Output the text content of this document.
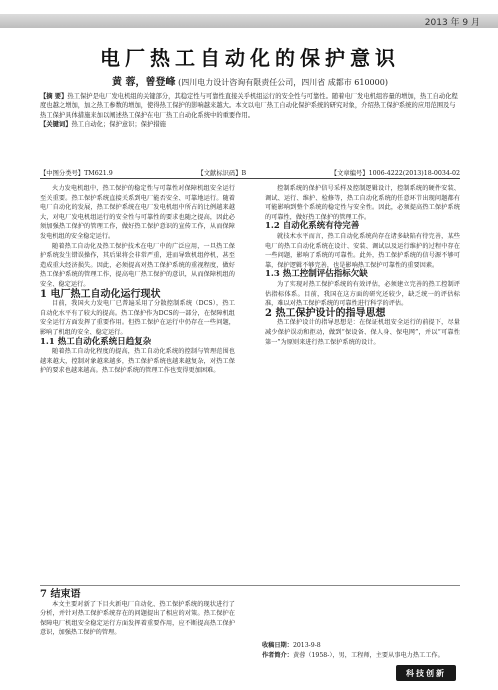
2013 年 9 月
电厂热工自动化的保护意识
黄 蓉，曾登峰 (四川电力设计咨询有限责任公司，四川省 成都市 610000)
【摘 要】热工保护是电厂发电机组的关键部分，其稳定性与可靠性直接关乎机组运行的安全性与可靠性。随着电厂发电机组容量的增加，热工自动化程度也越之增加，加之热工参数的增加，使得热工保护的影响越来越大。本文以电厂热工自动化保护系统的研究对象，介绍热工保护系统的应用范围及与热工保护具体措施来加以阐述热工保护在电厂热工自动化系统中的重要作用。
【关键词】热工自动化；保护意识；保护措施
【中图分类号】TM621.9	【文献标识码】B	【文章编号】1006-4222(2013)18-0034-02

火力发电机组中，热工保护的稳定性与可靠性对保障机组安全运行至关重要。热工保护系统直接关系到电厂能否安全、可靠地运行。随着电厂自动化的发展，热工保护系统在电厂发电机组中所占的比例越来越大，对电厂发电机组运行的安全性与可靠性的要求也随之提高，因此必须加强热工保护的管理工作，做好热工保护意识的宣传工作，从而保障发电机组的安全稳定运行。

随着热工自动化及热工保护技术在电厂中的广泛应用，一旦热工保护系统发生错误操作，其后果将会非常严重，进而导致机组停机，甚至造成重大经济损失。因此，必须提高对热工保护系统的重视程度，做好热工保护系统的管理工作，提高电厂热工保护的意识，从而保障机组的安全、稳定运行。

1 电厂热工自动化运行现状

目前，我国火力发电厂已普遍采用了分散控制系统（DCS），热工自动化水平有了较大的提高。热工保护作为DCS的一部分，在保障机组安全运行方面发挥了重要作用。但热工保护在运行中仍存在一些问题，影响了机组的安全、稳定运行。

1.1 热工自动化系统日趋复杂

随着热工自动化程度的提高，热工自动化系统的控制与管理范围也越来越大，控制对象越来越多，热工保护系统也越来越复杂，对热工保护的要求也越来越高。热工保护系统的管理工作也变得更加困难。

控制系统的保护信号采样及控制逻辑设计，控制系统的硬件安装、调试、运行、维护、检修等，热工自动化系统的任意环节出现问题都有可能影响到整个系统的稳定性与安全性。因此，必须提高热工保护系统的可靠性，做好热工保护的管理工作。

1.2 自动化系统有待完善

就技术水平而言，热工自动化系统尚存在诸多缺陷有待完善，某些电厂的热工自动化系统在设计、安装、调试以及运行维护的过程中存在一些问题，影响了系统的可靠性。此外，热工保护系统的信号源不够可靠，保护逻辑不够完善，也是影响热工保护可靠性的重要因素。

1.3 热工控制评估指标欠缺

为了实现对热工保护系统的有效评估，必须建立完善的热工控制评估指标体系。目前，我国在这方面的研究还较少，缺乏统一的评估标准，难以对热工保护系统的可靠性进行科学的评估。

2 热工保护设计的指导思想

热工保护设计的指导思想是：在保证机组安全运行的前提下，尽量减少保护误动和拒动，做到“保设备、保人身、保电网”，并以“可靠性第一”为原则来进行热工保护系统的设计。

7 结束语

本文主要对新了下目火新电厂自动化、热工保护系统的现状进行了分析，并针对热工保护系统存在的问题提出了相应的对策。热工保护在保障电厂机组安全稳定运行方面发挥着重要作用，应不断提高热工保护意识，加强热工保护的管理。

收稿日期：2013-9-8
作者简介：黄蓉（1958-），男，工程师，主要从事电力热工工作。
科技创新
